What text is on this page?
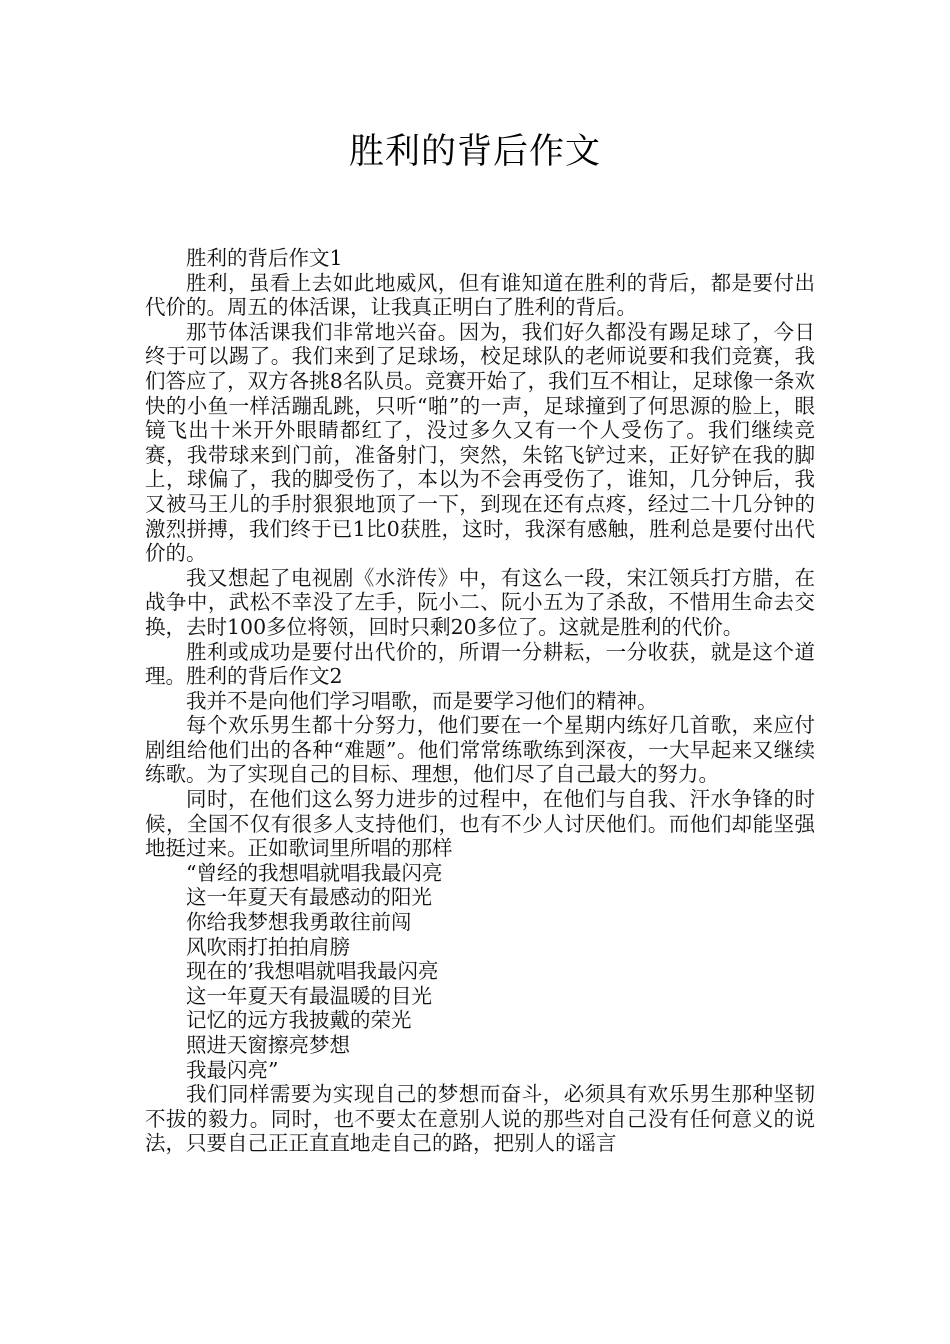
胜利的背后作文

胜利的背后作文1

胜利，虽看上去如此地威风，但有谁知道在胜利的背后，都是要付出代价的。周五的体活课，让我真正明白了胜利的背后。

那节体活课我们非常地兴奋。因为，我们好久都没有踢足球了，今日终于可以踢了。我们来到了足球场，校足球队的老师说要和我们竞赛，我们答应了，双方各挑8名队员。竞赛开始了，我们互不相让，足球像一条欢快的小鱼一样活蹦乱跳，只听“啪”的一声，足球撞到了何思源的脸上，眼镜飞出十米开外眼睛都红了，没过多久又有一个人受伤了。我们继续竞赛，我带球来到门前，准备射门，突然，朱铭飞铲过来，正好铲在我的脚上，球偏了，我的脚受伤了，本以为不会再受伤了，谁知，几分钟后，我又被马王儿的手肘狠狠地顶了一下，到现在还有点疼，经过二十几分钟的激烈拼搏，我们终于已1比0获胜，这时，我深有感触，胜利总是要付出代价的。

我又想起了电视剧《水浒传》中，有这么一段，宋江领兵打方腊，在战争中，武松不幸没了左手，阮小二、阮小五为了杀敌，不惜用生命去交换，去时100多位将领，回时只剩20多位了。这就是胜利的代价。

胜利或成功是要付出代价的，所谓一分耕耘，一分收获，就是这个道理。胜利的背后作文2

我并不是向他们学习唱歌，而是要学习他们的精神。

每个欢乐男生都十分努力，他们要在一个星期内练好几首歌，来应付剧组给他们出的各种“难题”。他们常常练歌练到深夜，一大早起来又继续练歌。为了实现自己的目标、理想，他们尽了自己最大的努力。

同时，在他们这么努力进步的过程中，在他们与自我、汗水争锋的时候，全国不仅有很多人支持他们，也有不少人讨厌他们。而他们却能坚强地挺过来。正如歌词里所唱的那样

“曾经的我想唱就唱我最闪亮

这一年夏天有最感动的阳光

你给我梦想我勇敢往前闯

风吹雨打拍拍肩膀

现在的’我想唱就唱我最闪亮

这一年夏天有最温暖的目光

记忆的远方我披戴的荣光

照进天窗擦亮梦想

我最闪亮”

我们同样需要为实现自己的梦想而奋斗，必须具有欢乐男生那种坚韧不拔的毅力。同时，也不要太在意别人说的那些对自己没有任何意义的说法，只要自己正正直直地走自己的路，把别人的谣言
